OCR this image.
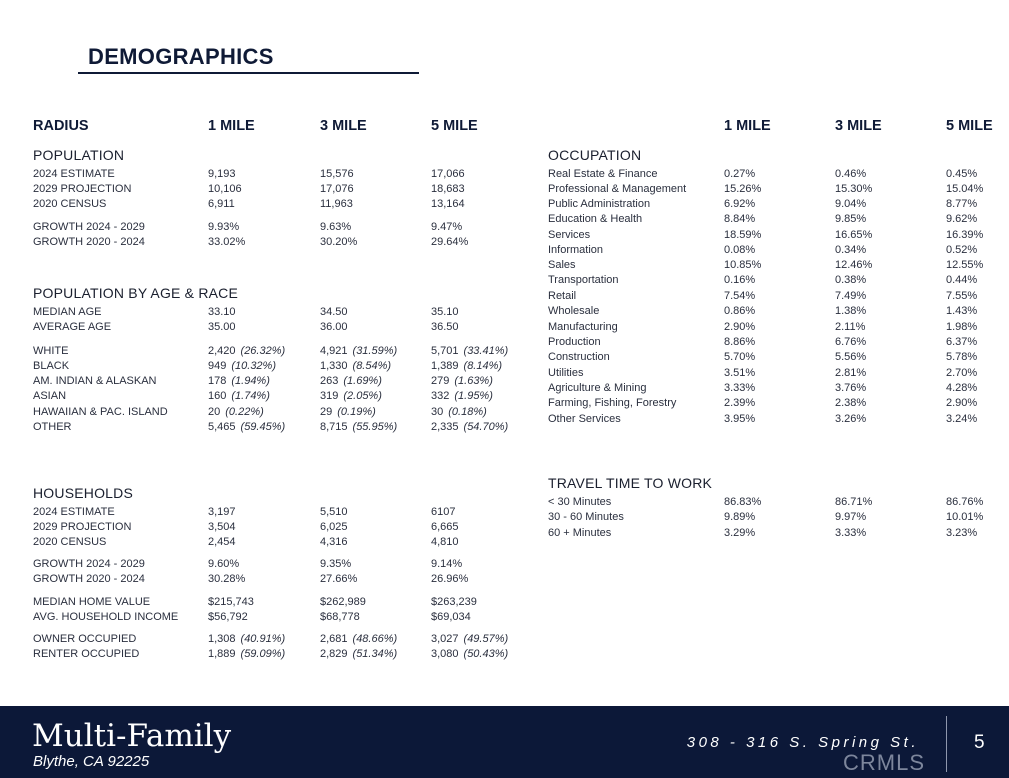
DEMOGRAPHICS
RADIUS	1 MILE	3 MILE	5 MILE	1 MILE	3 MILE	5 MILE
POPULATION
POPULATION BY AGE & RACE
HOUSEHOLDS
OCCUPATION
TRAVEL TIME TO WORK
2024 ESTIMATE	9,193	15,576	17,066
2029 PROJECTION	10,106	17,076	18,683
2020 CENSUS	6,911	11,963	13,164
GROWTH 2024 - 2029	9.93%	9.63%	9.47%
GROWTH 2020 - 2024	33.02%	30.20%	29.64%
MEDIAN AGE	33.10	34.50	35.10
AVERAGE AGE	35.00	36.00	36.50
WHITE	2,420 (26.32%)	4,921 (31.59%)	5,701 (33.41%)
BLACK	949 (10.32%)	1,330 (8.54%)	1,389 (8.14%)
AM. INDIAN & ALASKAN	178 (1.94%)	263 (1.69%)	279 (1.63%)
ASIAN	160 (1.74%)	319 (2.05%)	332 (1.95%)
HAWAIIAN & PAC. ISLAND	20 (0.22%)	29 (0.19%)	30 (0.18%)
OTHER	5,465 (59.45%)	8,715 (55.95%)	2,335 (54.70%)
2024 ESTIMATE	3,197	5,510	6107
2029 PROJECTION	3,504	6,025	6,665
2020 CENSUS	2,454	4,316	4,810
GROWTH 2024 - 2029	9.60%	9.35%	9.14%
GROWTH 2020 - 2024	30.28%	27.66%	26.96%
MEDIAN HOME VALUE	$215,743	$262,989	$263,239
AVG. HOUSEHOLD INCOME	$56,792	$68,778	$69,034
OWNER OCCUPIED	1,308 (40.91%)	2,681 (48.66%)	3,027 (49.57%)
RENTER OCCUPIED	1,889 (59.09%)	2,829 (51.34%)	3,080 (50.43%)
Real Estate & Finance	0.27%	0.46%	0.45%
Professional & Management	15.26%	15.30%	15.04%
Public Administration	6.92%	9.04%	8.77%
Education & Health	8.84%	9.85%	9.62%
Services	18.59%	16.65%	16.39%
Information	0.08%	0.34%	0.52%
Sales	10.85%	12.46%	12.55%
Transportation	0.16%	0.38%	0.44%
Retail	7.54%	7.49%	7.55%
Wholesale	0.86%	1.38%	1.43%
Manufacturing	2.90%	2.11%	1.98%
Production	8.86%	6.76%	6.37%
Construction	5.70%	5.56%	5.78%
Utilities	3.51%	2.81%	2.70%
Agriculture & Mining	3.33%	3.76%	4.28%
Farming, Fishing, Forestry	2.39%	2.38%	2.90%
Other Services	3.95%	3.26%	3.24%
< 30 Minutes	86.83%	86.71%	86.76%
30 - 60 Minutes	9.89%	9.97%	10.01%
60 + Minutes	3.29%	3.33%	3.23%
Multi-Family
Blythe, CA 92225
308 - 316 S. Spring St.	5
CRMLS
